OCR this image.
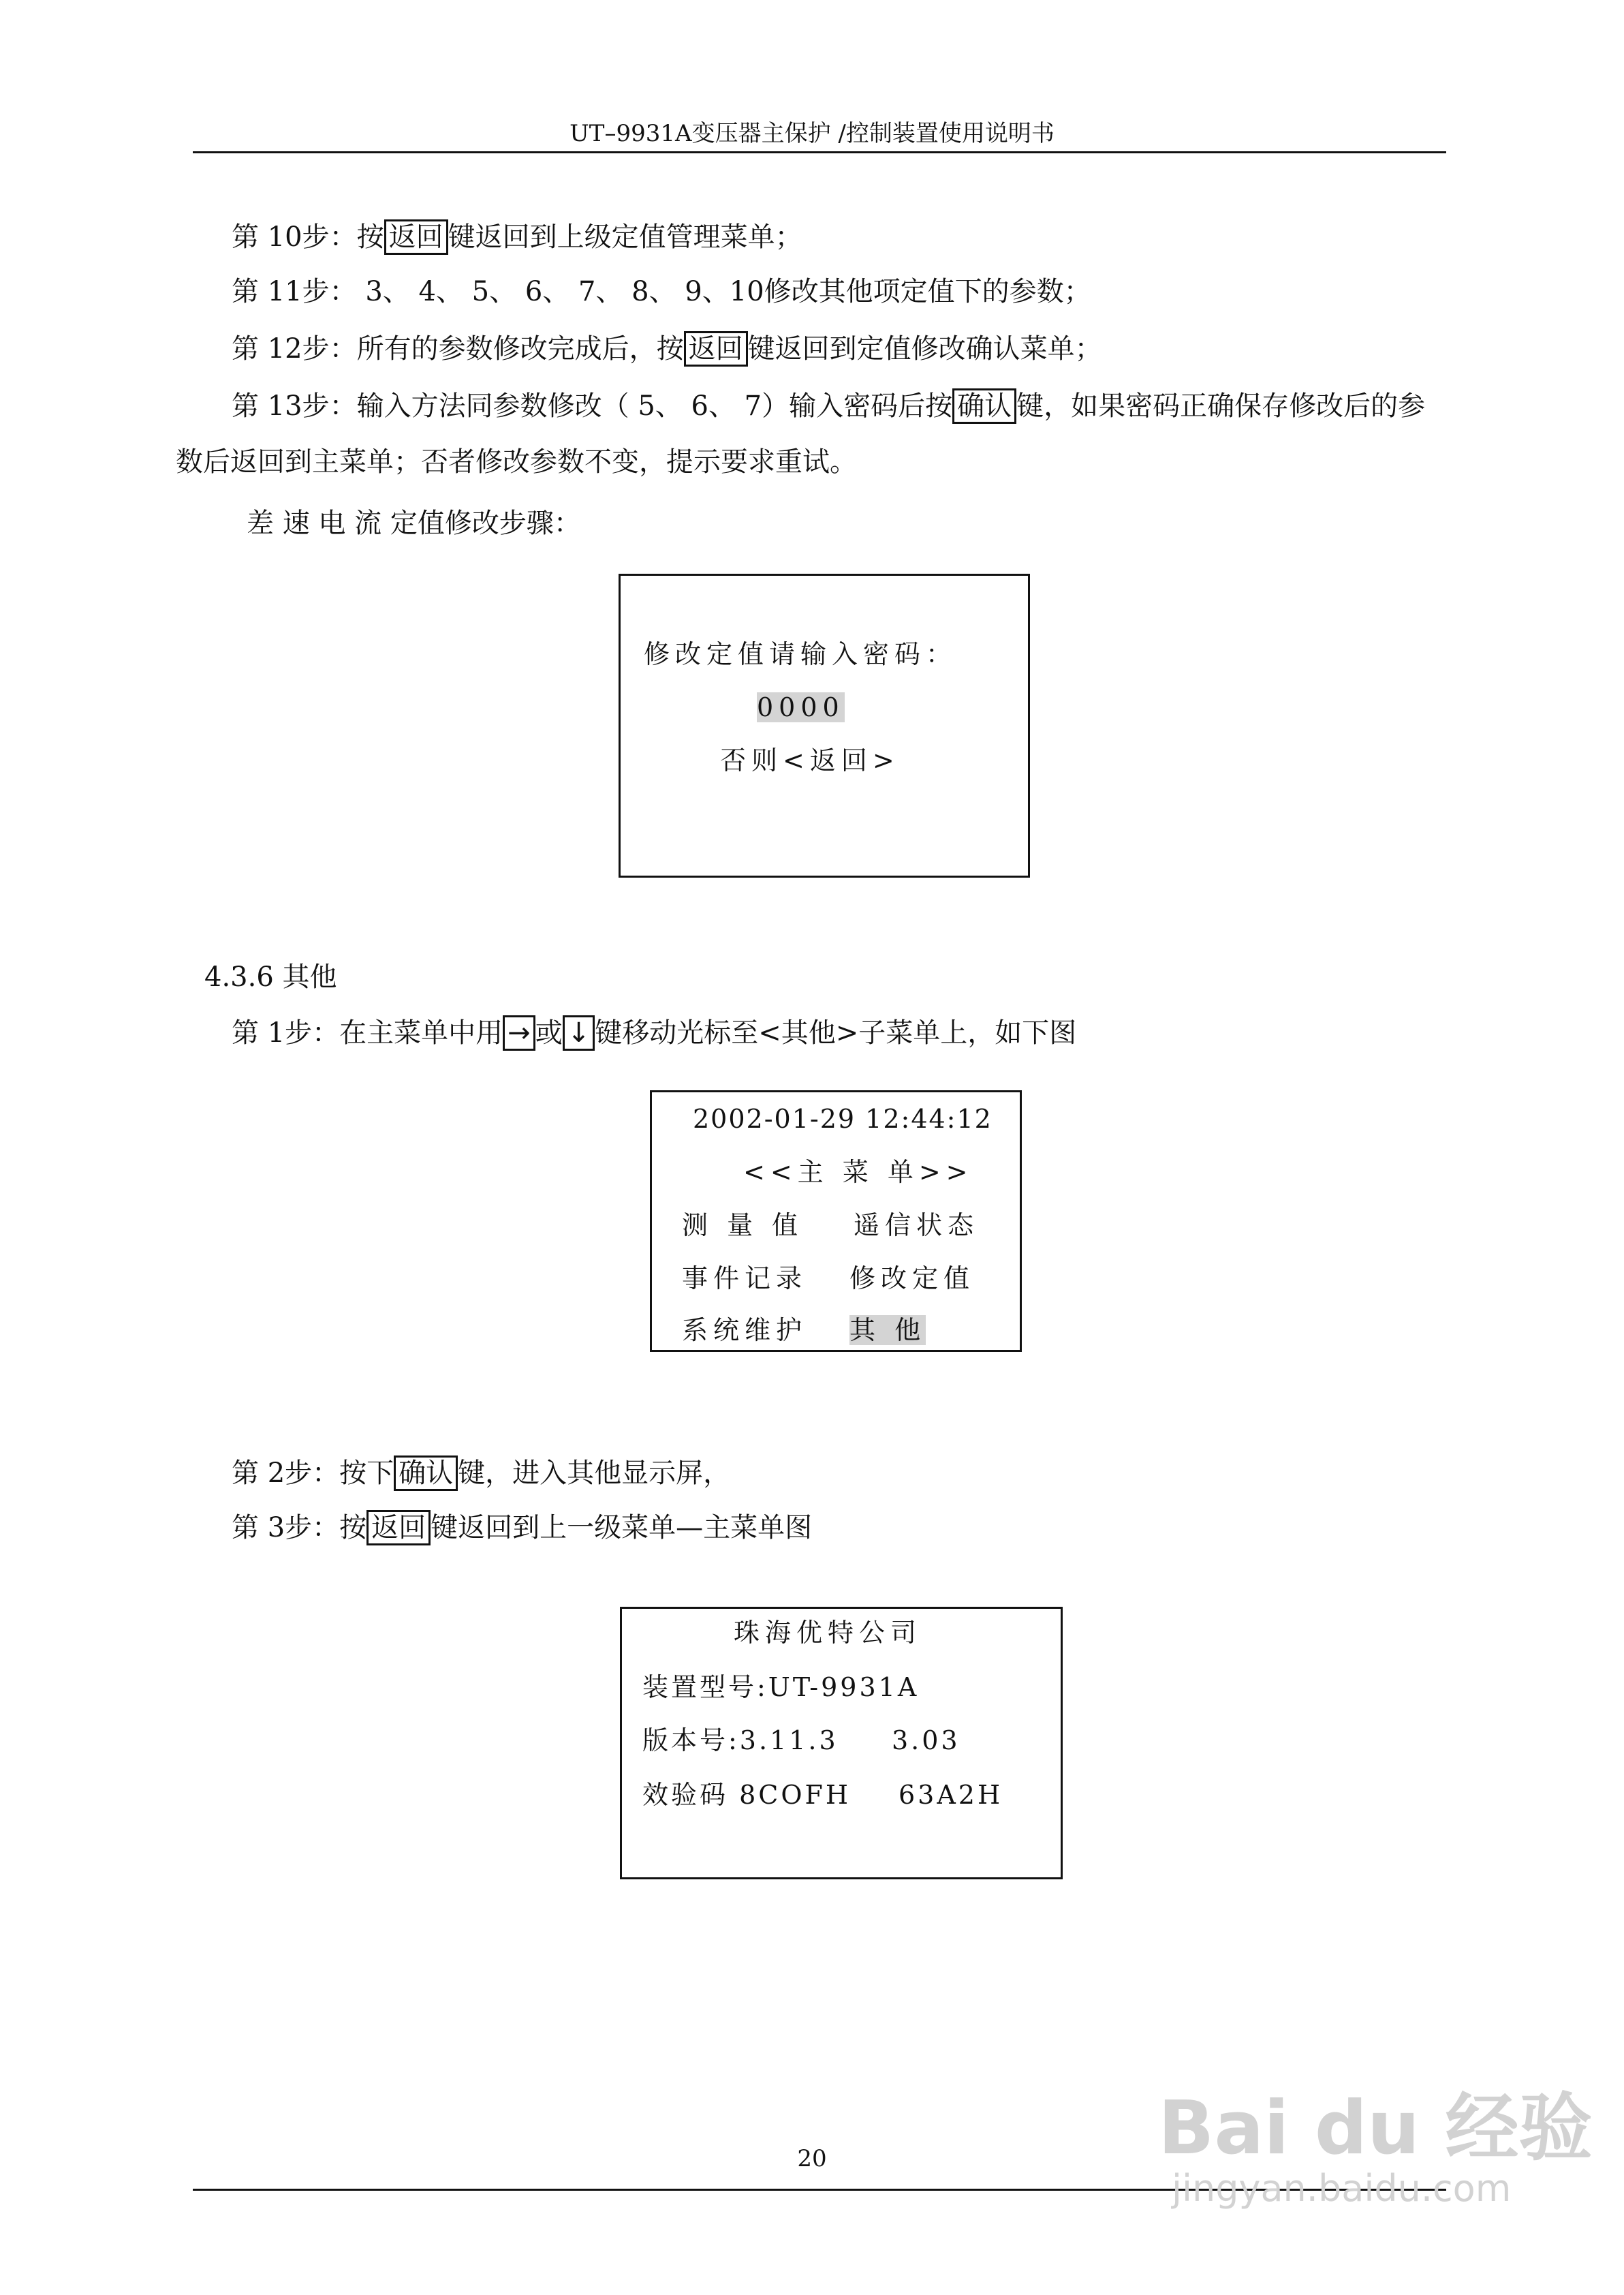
UT–9931A变压器主保护 /控制装置使用说明书
第 10步：按 返回 键返回到上级定值管理菜单；
第 11步： 3、 4、 5、 6、 7、 8、 9、10修改其他项定值下的参数；
第 12步：所有的参数修改完成后，按 返回 键返回到定值修改确认菜单；
第 13步：输入方法同参数修改（ 5、 6、 7）输入密码后按 确认 键，如果密码正确保存修改后的参
数后返回到主菜单；否者修改参数不变，提示要求重试。
差 速 电 流 定值修改步骤：
修改定值请输入密码：
0000
否则<返回>
4.3.6 其他
第 1步：在主菜单中用 → 或 ↓ 键移动光标至<其他>子菜单上，如下图
2002-01-29 12:44:12
<<主 菜 单>>
测 量 值 遥信状态
事件记录 修改定值
系统维护 其 他
第 2步：按下 确认 键，进入其他显示屏，
第 3步：按 返回 键返回到上一级菜单—主菜单图
珠海优特公司
装置型号:UT-9931A
版本号:3.11.3 3.03
效验码 8COFH 63A2H
20	Bai du 经验
jingyan.baidu.com
